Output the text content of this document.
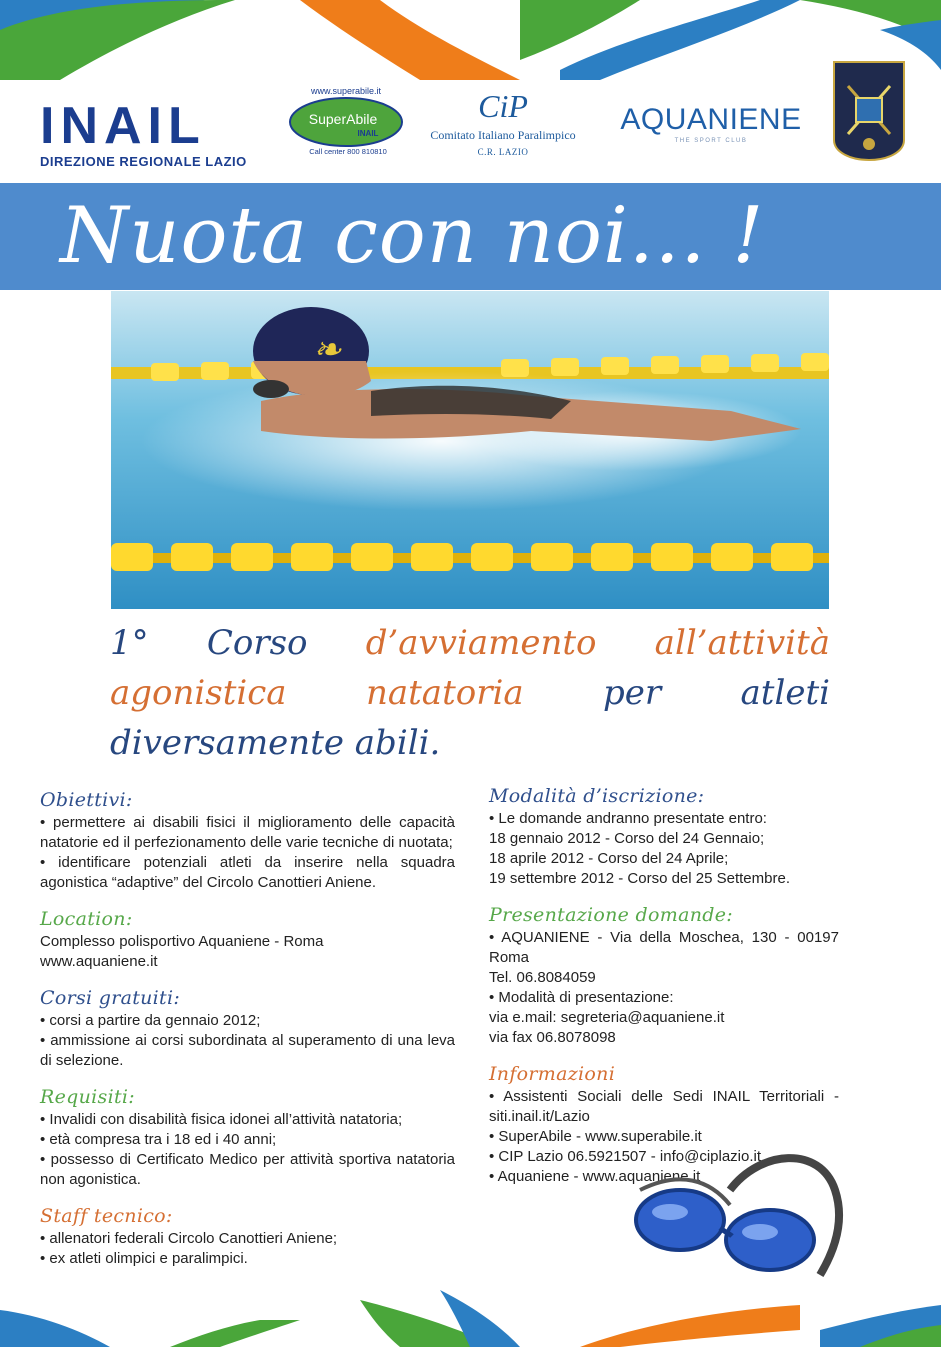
INAIL
DIREZIONE REGIONALE LAZIO
www.superabile.it
SuperAbile
INAIL
Call center 800 810810
CiP
Comitato Italiano Paralimpico
C.R. LAZIO
AQUANIENE
THE SPORT CLUB
Nuota con noi... !
❧
1° Corso d’avviamento all’attività agonistica natatoria per atleti diversamente abili.
Obiettivi:
• permettere ai disabili fisici il miglioramento delle capacità natatorie ed il perfezionamento delle varie tecniche di nuotata;
• identificare potenziali atleti da inserire nella squadra agonistica “adaptive” del Circolo Canottieri Aniene.
Location:
Complesso polisportivo Aquaniene - Roma
www.aquaniene.it
Corsi gratuiti:
• corsi a partire da gennaio 2012;
• ammissione ai corsi subordinata al superamento di una leva di selezione.
Requisiti:
• Invalidi con disabilità fisica idonei all’attività natatoria;
• età compresa tra i 18 ed i 40 anni;
• possesso di Certificato Medico per attività sportiva natatoria non agonistica.
Staff tecnico:
• allenatori federali Circolo Canottieri Aniene;
• ex atleti olimpici e paralimpici.
Modalità d’iscrizione:
• Le domande andranno presentate entro:
18 gennaio 2012 - Corso del 24 Gennaio;
18 aprile 2012 - Corso del 24 Aprile;
19 settembre 2012 - Corso del 25 Settembre.
Presentazione domande:
• AQUANIENE - Via della Moschea, 130 - 00197 Roma
Tel. 06.8084059
• Modalità di presentazione:
via e.mail: segreteria@aquaniene.it
via fax 06.8078098
Informazioni
• Assistenti Sociali delle Sedi INAIL Territoriali - siti.inail.it/Lazio
• SuperAbile - www.superabile.it
• CIP Lazio 06.5921507 - info@ciplazio.it
• Aquaniene - www.aquaniene.it
